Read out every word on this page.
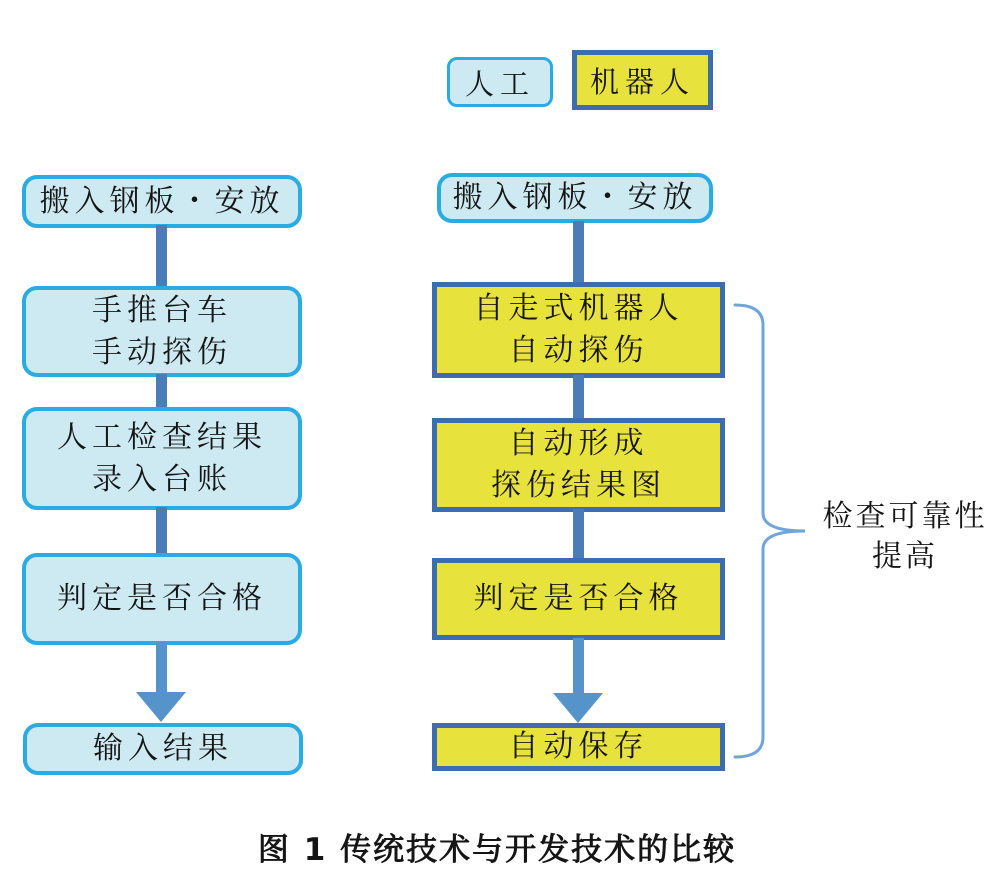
人工 机器人
搬入钢板・安放
手推台车
手动探伤
人工检查结果
录入台账
判定是否合格
输入结果
搬入钢板・安放
自走式机器人
自动探伤
自动形成
探伤结果图
判定是否合格
自动保存
检查可靠性
提高
图 1 传统技术与开发技术的比较
